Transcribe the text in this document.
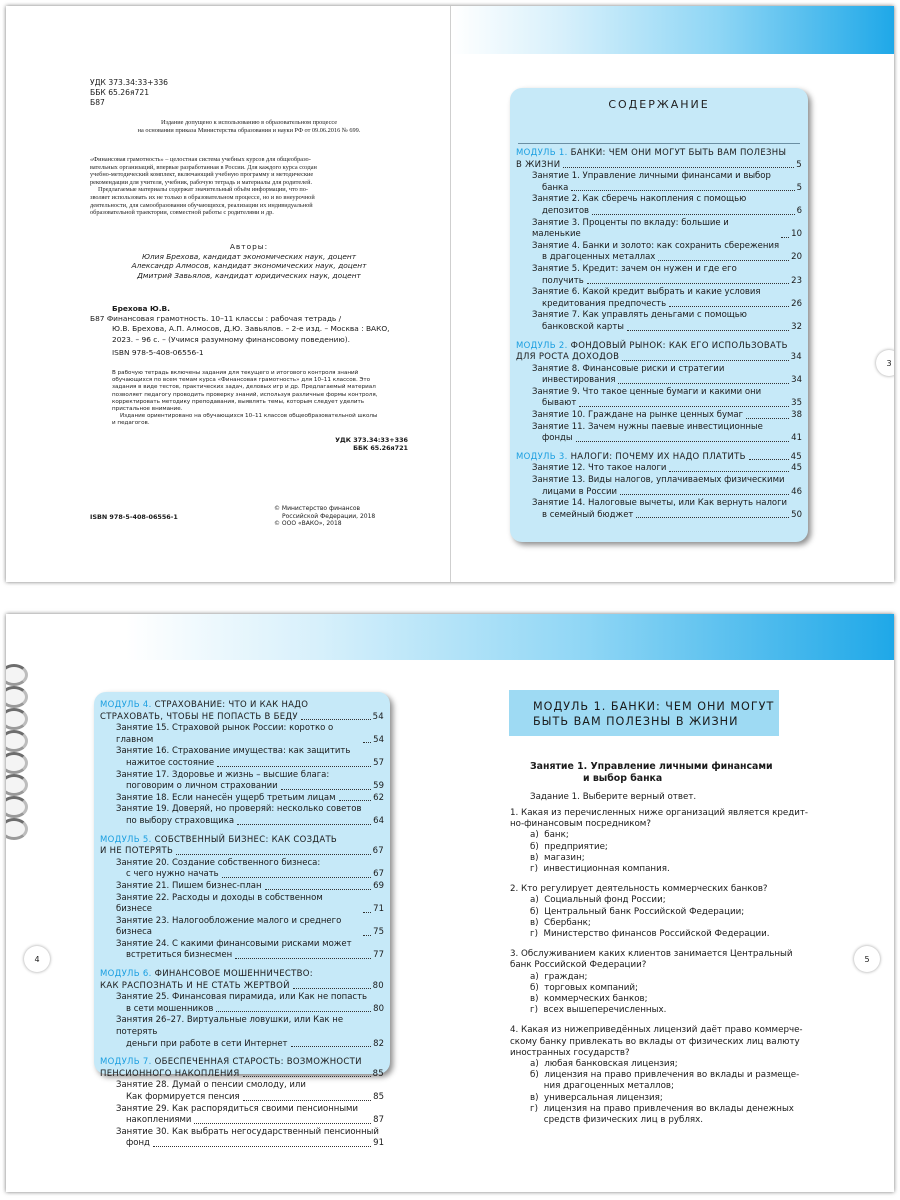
УДК 373.34:33+336
ББК 65.26я721
Б87
Издание допущено к использованию в образовательном процессе
на основании приказа Министерства образования и науки РФ от 09.06.2016 № 699.
«Финансовая грамотность» – целостная система учебных курсов для общеобразо-
вательных организаций, впервые разработанная в России. Для каждого курса создан
учебно-методический комплект, включающий учебную программу и методические
рекомендации для учителя, учебник, рабочую тетрадь и материалы для родителей.
Предлагаемые материалы содержат значительный объём информации, что по-
зволяет использовать их не только в образовательном процессе, но и во внеурочной
деятельности, для самообразования обучающихся, реализации их индивидуальной
образовательной траектории, совместной работы с родителями и др.
Авторы:
Юлия Брехова, кандидат экономических наук, доцент
Александр Алмосов, кандидат экономических наук, доцент
Дмитрий Завьялов, кандидат юридических наук, доцент
Брехова Ю.В.
Б87 Финансовая грамотность. 10–11 классы : рабочая тетрадь /
Ю.В. Брехова, А.П. Алмосов, Д.Ю. Завьялов. – 2-е изд. – Москва : ВАКО,
2023. – 96 с. – (Учимся разумному финансовому поведению).
ISBN 978-5-408-06556-1
В рабочую тетрадь включены задания для текущего и итогового контроля знаний
обучающихся по всем темам курса «Финансовая грамотность» для 10–11 классов. Это
задания в виде тестов, практических задач, деловых игр и др. Предлагаемый материал
позволяет педагогу проводить проверку знаний, используя различные формы контроля,
корректировать методику преподавания, выявлять темы, которым следует уделить
пристальное внимание.
Издание ориентировано на обучающихся 10–11 классов общеобразовательной школы
и педагогов.
УДК 373.34:33+336
ББК 65.26я721
ISBN 978-5-408-06556-1
© Министерство финансов
Российской Федерации, 2018
© ООО «ВАКО», 2018
СОДЕРЖАНИЕ
МОДУЛЬ 1. БАНКИ: ЧЕМ ОНИ МОГУТ БЫТЬ ВАМ ПОЛЕЗНЫ
В ЖИЗНИ	5
Занятие 1. Управление личными финансами и выбор
банка	5
Занятие 2. Как сберечь накопления с помощью
депозитов	6
Занятие 3. Проценты по вкладу: большие и маленькие	10
Занятие 4. Банки и золото: как сохранить сбережения
в драгоценных металлах	20
Занятие 5. Кредит: зачем он нужен и где его
получить	23
Занятие 6. Какой кредит выбрать и какие условия
кредитования предпочесть	26
Занятие 7. Как управлять деньгами с помощью
банковской карты	32
МОДУЛЬ 2. ФОНДОВЫЙ РЫНОК: КАК ЕГО ИСПОЛЬЗОВАТЬ
ДЛЯ РОСТА ДОХОДОВ	34
Занятие 8. Финансовые риски и стратегии
инвестирования	34
Занятие 9. Что такое ценные бумаги и какими они
бывают	35
Занятие 10. Граждане на рынке ценных бумаг	38
Занятие 11. Зачем нужны паевые инвестиционные
фонды	41
МОДУЛЬ 3. НАЛОГИ: ПОЧЕМУ ИХ НАДО ПЛАТИТЬ	45
Занятие 12. Что такое налоги	45
Занятие 13. Виды налогов, уплачиваемых физическими
лицами в России	46
Занятие 14. Налоговые вычеты, или Как вернуть налоги
в семейный бюджет	50
3
МОДУЛЬ 4. СТРАХОВАНИЕ: ЧТО И КАК НАДО
СТРАХОВАТЬ, ЧТОБЫ НЕ ПОПАСТЬ В БЕДУ	54
Занятие 15. Страховой рынок России: коротко о главном	54
Занятие 16. Страхование имущества: как защитить
нажитое состояние	57
Занятие 17. Здоровье и жизнь – высшие блага:
поговорим о личном страховании	59
Занятие 18. Если нанесён ущерб третьим лицам	62
Занятие 19. Доверяй, но проверяй: несколько советов
по выбору страховщика	64
МОДУЛЬ 5. СОБСТВЕННЫЙ БИЗНЕС: КАК СОЗДАТЬ
И НЕ ПОТЕРЯТЬ	67
Занятие 20. Создание собственного бизнеса:
с чего нужно начать	67
Занятие 21. Пишем бизнес-план	69
Занятие 22. Расходы и доходы в собственном бизнесе	71
Занятие 23. Налогообложение малого и среднего бизнеса	75
Занятие 24. С какими финансовыми рисками может
встретиться бизнесмен	77
МОДУЛЬ 6. ФИНАНСОВОЕ МОШЕННИЧЕСТВО:
КАК РАСПОЗНАТЬ И НЕ СТАТЬ ЖЕРТВОЙ	80
Занятие 25. Финансовая пирамида, или Как не попасть
в сети мошенников	80
Занятия 26–27. Виртуальные ловушки, или Как не потерять
деньги при работе в сети Интернет	82
МОДУЛЬ 7. ОБЕСПЕЧЕННАЯ СТАРОСТЬ: ВОЗМОЖНОСТИ
ПЕНСИОННОГО НАКОПЛЕНИЯ	85
Занятие 28. Думай о пенсии смолоду, или
Как формируется пенсия	85
Занятие 29. Как распорядиться своими пенсионными
накоплениями	87
Занятие 30. Как выбрать негосударственный пенсионный
фонд	91
4	5
МОДУЛЬ 1. БАНКИ: ЧЕМ ОНИ МОГУТ
БЫТЬ ВАМ ПОЛЕЗНЫ В ЖИЗНИ
Занятие 1. Управление личными финансами
и выбор банка
Задание 1. Выберите верный ответ.
1. Какая из перечисленных ниже организаций является кредит-
но-финансовым посредником?
а)  банк;
б)  предприятие;
в)  магазин;
г)  инвестиционная компания.
2. Кто регулирует деятельность коммерческих банков?
а)  Социальный фонд России;
б)  Центральный банк Российской Федерации;
в)  Сбербанк;
г)  Министерство финансов Российской Федерации.
3. Обслуживанием каких клиентов занимается Центральный
банк Российской Федерации?
а)  граждан;
б)  торговых компаний;
в)  коммерческих банков;
г)  всех вышеперечисленных.
4. Какая из нижеприведённых лицензий даёт право коммерче-
скому банку привлекать во вклады от физических лиц валюту
иностранных государств?
а)  любая банковская лицензия;
б)  лицензия на право привлечения во вклады и размеще-
ния драгоценных металлов;
в)  универсальная лицензия;
г)  лицензия на право привлечения во вклады денежных
средств физических лиц в рублях.
